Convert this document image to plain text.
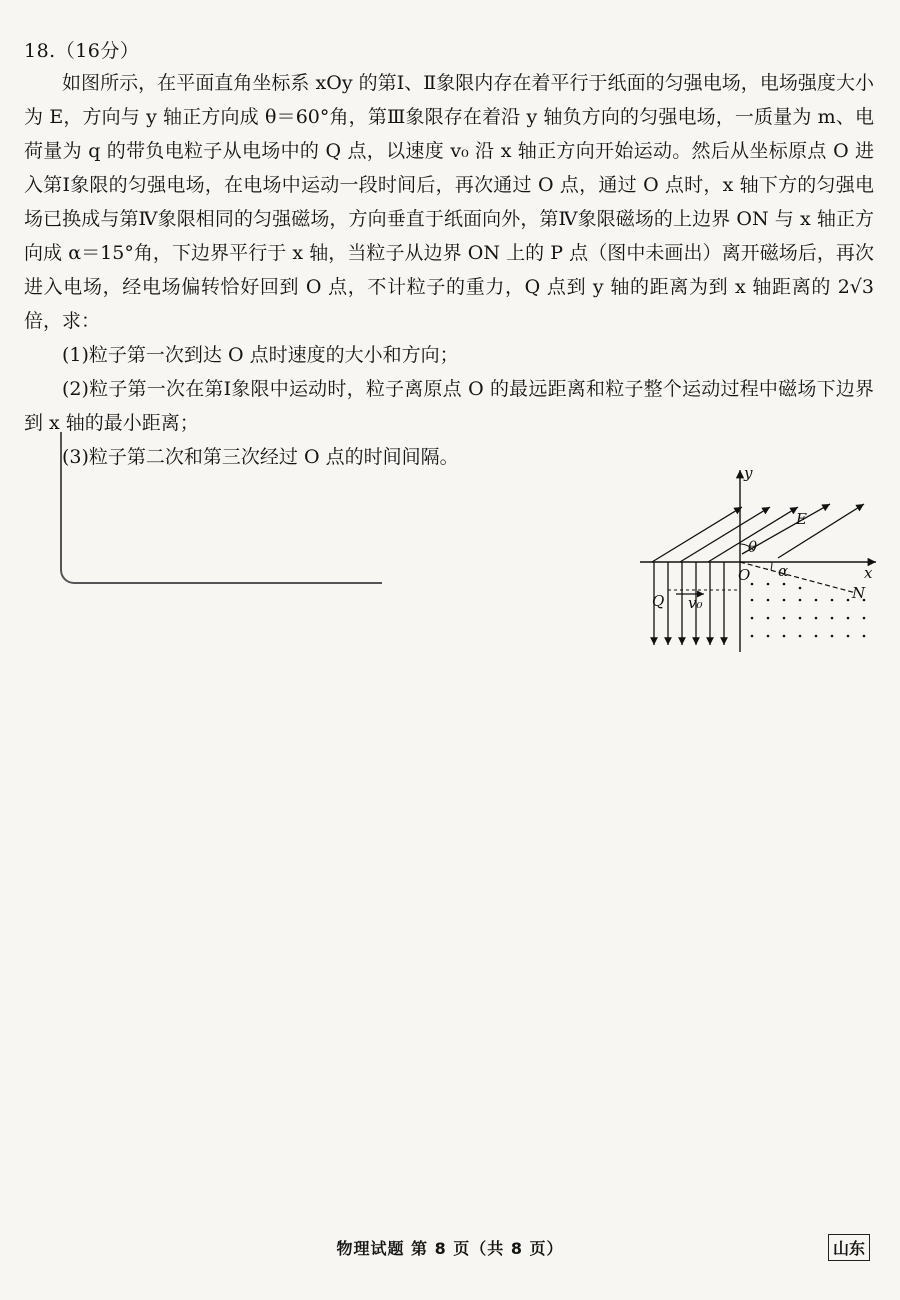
18.（16分）

如图所示，在平面直角坐标系 xOy 的第Ⅰ、Ⅱ象限内存在着平行于纸面的匀强电场，电场强度大小为 E，方向与 y 轴正方向成 θ＝60°角，第Ⅲ象限存在着沿 y 轴负方向的匀强电场，一质量为 m、电荷量为 q 的带负电粒子从电场中的 Q 点，以速度 v₀ 沿 x 轴正方向开始运动。然后从坐标原点 O 进入第Ⅰ象限的匀强电场，在电场中运动一段时间后，再次通过 O 点，通过 O 点时，x 轴下方的匀强电场已换成与第Ⅳ象限相同的匀强磁场，方向垂直于纸面向外，第Ⅳ象限磁场的上边界 ON 与 x 轴正方向成 α＝15°角，下边界平行于 x 轴，当粒子从边界 ON 上的 P 点（图中未画出）离开磁场后，再次进入电场，经电场偏转恰好回到 O 点，不计粒子的重力，Q 点到 y 轴的距离为到 x 轴距离的 2√3 倍，求：

(1)粒子第一次到达 O 点时速度的大小和方向；

(2)粒子第一次在第Ⅰ象限中运动时，粒子离原点 O 的最远距离和粒子整个运动过程中磁场下边界到 x 轴的最小距离；

(3)粒子第二次和第三次经过 O 点的时间间隔。

y
x
O
E
θ
α
Q v₀
N
物理试题 第 8 页（共 8 页）	山东
